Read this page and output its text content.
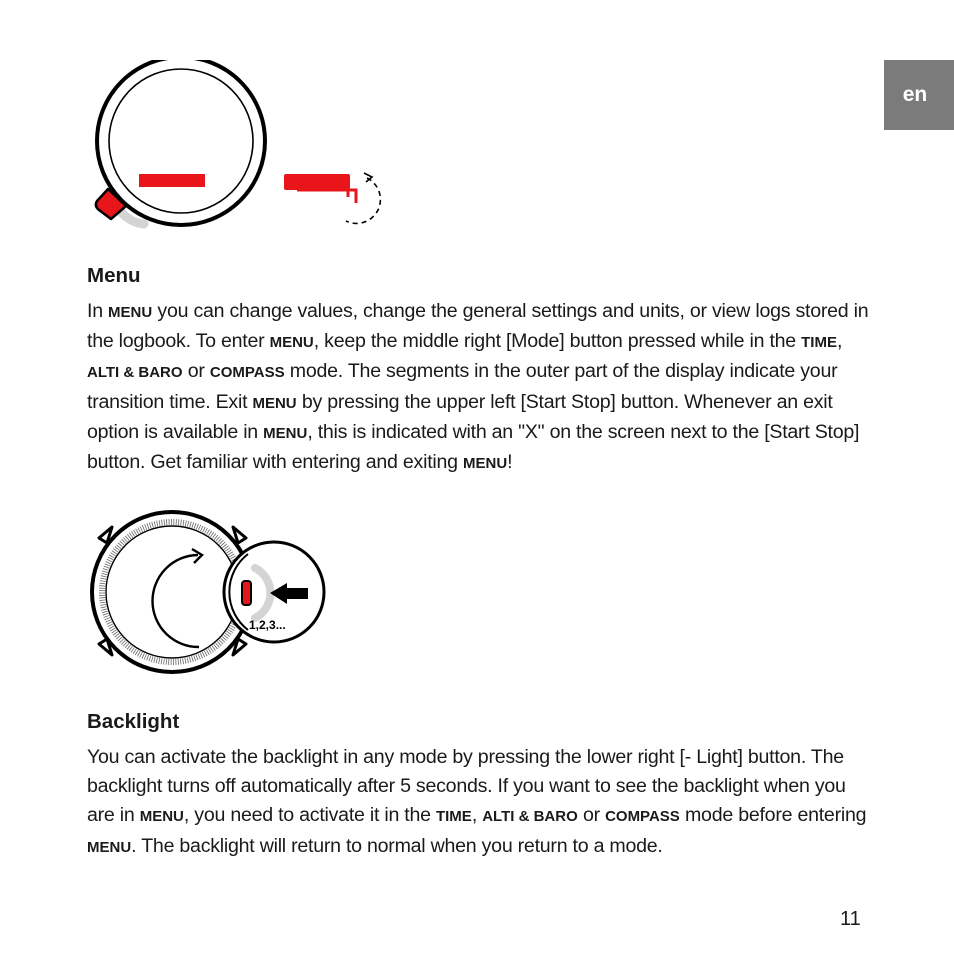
en
Menu

In MENU you can change values, change the general settings and units, or view logs stored in the logbook. To enter MENU, keep the middle right [Mode] button pressed while in the TIME, ALTI & BARO or COMPASS mode. The segments in the outer part of the display indicate your transition time. Exit MENU by pressing the upper left [Start Stop] button. Whenever an exit option is available in MENU, this is indicated with an "X" on the screen next to the [Start Stop] button. Get familiar with entering and exiting MENU!

1,2,3...
Backlight

You can activate the backlight in any mode by pressing the lower right [- Light] button. The backlight turns off automatically after 5 seconds. If you want to see the backlight when you are in MENU, you need to activate it in the TIME, ALTI & BARO or COMPASS mode before entering MENU. The backlight will return to normal when you return to a mode.

11
